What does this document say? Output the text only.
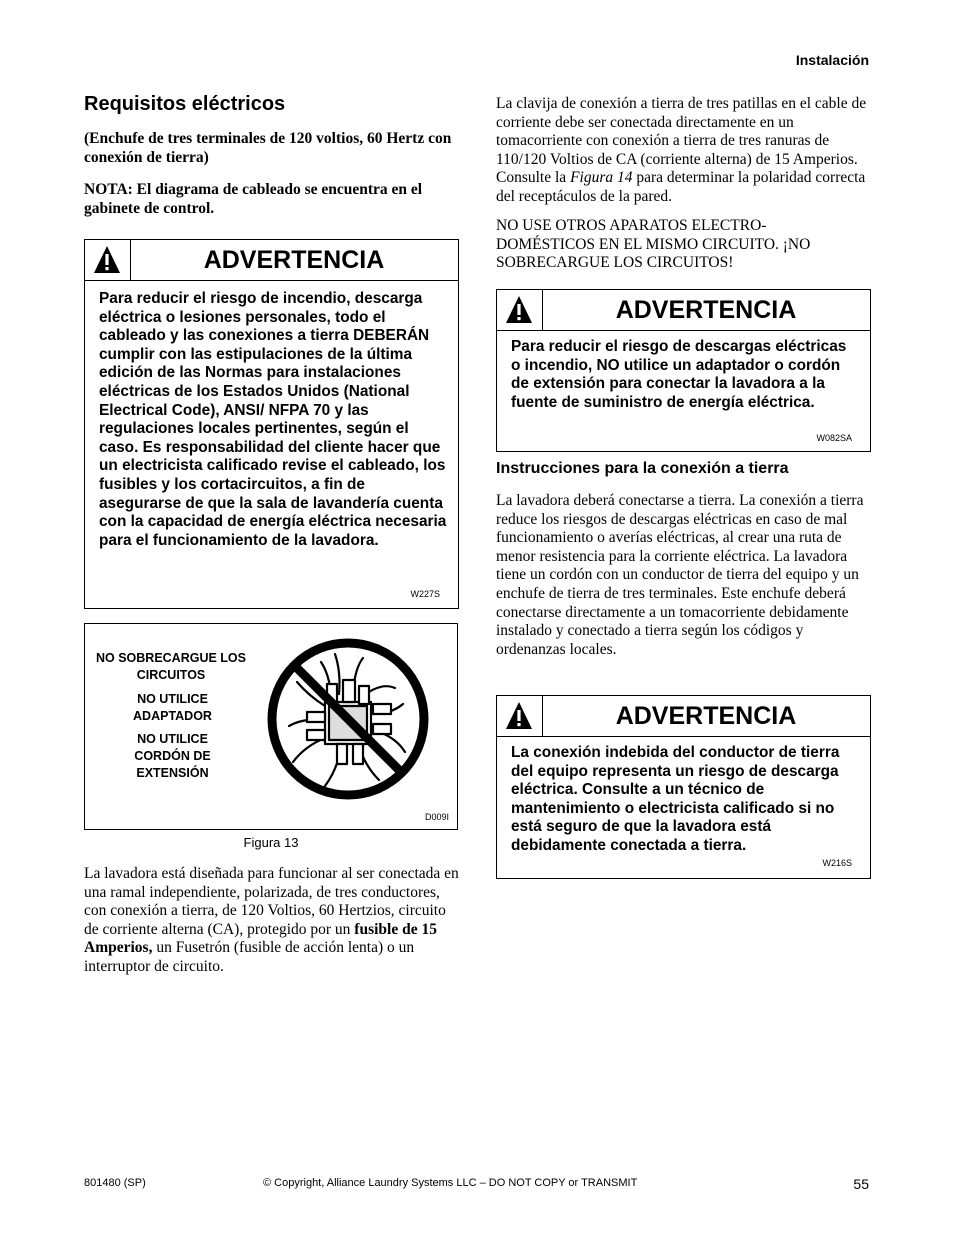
Instalación
Requisitos eléctricos
(Enchufe de tres terminales de 120 voltios, 60 Hertz con conexión de tierra)
NOTA: El diagrama de cableado se encuentra en el gabinete de control.
ADVERTENCIA
Para reducir el riesgo de incendio, descarga eléctrica o lesiones personales, todo el cableado y las conexiones a tierra DEBERÁN cumplir con las estipulaciones de la última edición de las Normas para instalaciones eléctricas de los Estados Unidos (National Electrical Code), ANSI/ NFPA 70 y las regulaciones locales pertinentes, según el caso. Es responsabilidad del cliente hacer que un electricista calificado revise el cableado, los fusibles y los cortacircuitos, a fin de asegurarse de que la sala de lavandería cuenta con la capacidad de energía eléctrica necesaria para el funcionamiento de la lavadora.
W227S
NO SOBRECARGUE LOS CIRCUITOS
NO UTILICE ADAPTADOR
NO UTILICE CORDÓN DE EXTENSIÓN
D009I
Figura 13
La lavadora está diseñada para funcionar al ser conectada en una ramal independiente, polarizada, de tres conductores, con conexión a tierra, de 120 Voltios, 60 Hertzios, circuito de corriente alterna (CA), protegido por un fusible de 15 Amperios, un Fusetrón (fusible de acción lenta) o un interruptor de circuito.
La clavija de conexión a tierra de tres patillas en el cable de corriente debe ser conectada directamente en un tomacorriente con conexión a tierra de tres ranuras de 110/120 Voltios de CA (corriente alterna) de 15 Amperios. Consulte la Figura 14 para determinar la polaridad correcta del receptáculos de la pared.
NO USE OTROS APARATOS ELECTRO-DOMÉSTICOS EN EL MISMO CIRCUITO. ¡NO SOBRECARGUE LOS CIRCUITOS!
ADVERTENCIA
Para reducir el riesgo de descargas eléctricas o incendio, NO utilice un adaptador o cordón de extensión para conectar la lavadora a la fuente de suministro de energía eléctrica.
W082SA
Instrucciones para la conexión a tierra
La lavadora deberá conectarse a tierra. La conexión a tierra reduce los riesgos de descargas eléctricas en caso de mal funcionamiento o averías eléctricas, al crear una ruta de menor resistencia para la corriente eléctrica. La lavadora tiene un cordón con un conductor de tierra del equipo y un enchufe de tierra de tres terminales. Este enchufe deberá conectarse directamente a un tomacorriente debidamente instalado y conectado a tierra según los códigos y ordenanzas locales.
ADVERTENCIA
La conexión indebida del conductor de tierra del equipo representa un riesgo de descarga eléctrica. Consulte a un técnico de mantenimiento o electricista calificado si no está seguro de que la lavadora está debidamente conectada a tierra.
W216S
801480 (SP)	© Copyright, Alliance Laundry Systems LLC – DO NOT COPY or TRANSMIT	55
